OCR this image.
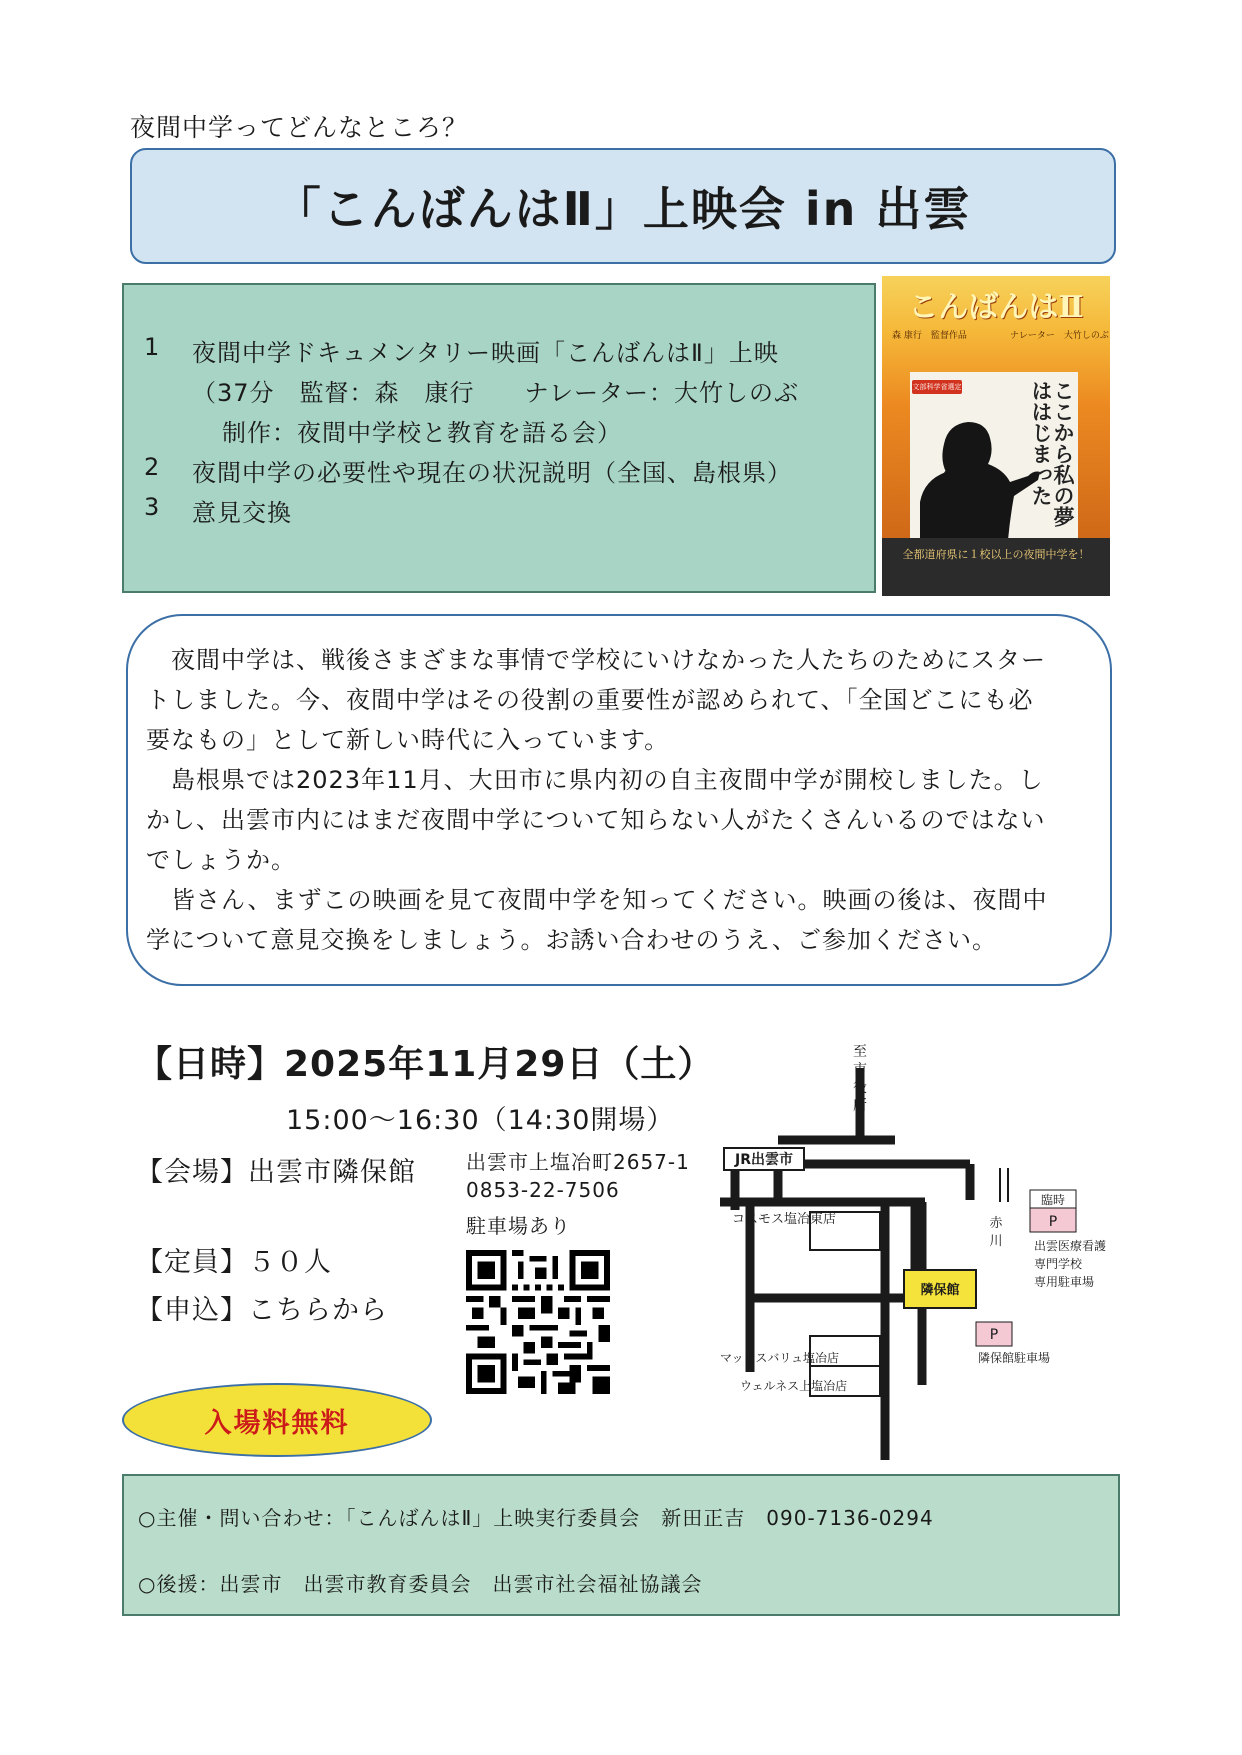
夜間中学ってどんなところ？
「こんばんはⅡ」上映会 in 出雲
1 夜間中学ドキュメンタリー映画「こんばんはⅡ」上映
（37分　監督：森　康行　　ナレーター：大竹しのぶ
制作：夜間中学校と教育を語る会）
2 夜間中学の必要性や現在の状況説明（全国、島根県）
3 意見交換
こんばんはⅡ
森 康行　監督作品	ナレーター　大竹しのぶ
ここから私の夢ははじまった
文部科学省選定
全都道府県に１校以上の夜間中学を！
　夜間中学は、戦後さまざまな事情で学校にいけなかった人たちのためにスター
トしました。今、夜間中学はその役割の重要性が認められて、「全国どこにも必
要なもの」として新しい時代に入っています。
　島根県では2023年11月、大田市に県内初の自主夜間中学が開校しました。し
かし、出雲市内にはまだ夜間中学について知らない人がたくさんいるのではない
でしょうか。
　皆さん、まずこの映画を見て夜間中学を知ってください。映画の後は、夜間中
学について意見交換をしましょう。お誘い合わせのうえ、ご参加ください。
【日時】2025年11月29日（土）
15:00～16:30（14:30開場）
【会場】出雲市隣保館	出雲市上塩冶町2657-1
0853-22-7506
駐車場あり
【定員】５０人
【申込】こちらから
入場料無料
JR出雲市
至
市
役
所
コスモス塩冶東店	赤
川
臨時
P
出雲医療看護
専門学校
専用駐車場
隣保館
P
隣保館駐車場
マックスバリュ塩冶店
ウェルネス上塩冶店
○主催・問い合わせ：「こんばんはⅡ」上映実行委員会　新田正吉　090-7136-0294
○後援：出雲市　出雲市教育委員会　出雲市社会福祉協議会
